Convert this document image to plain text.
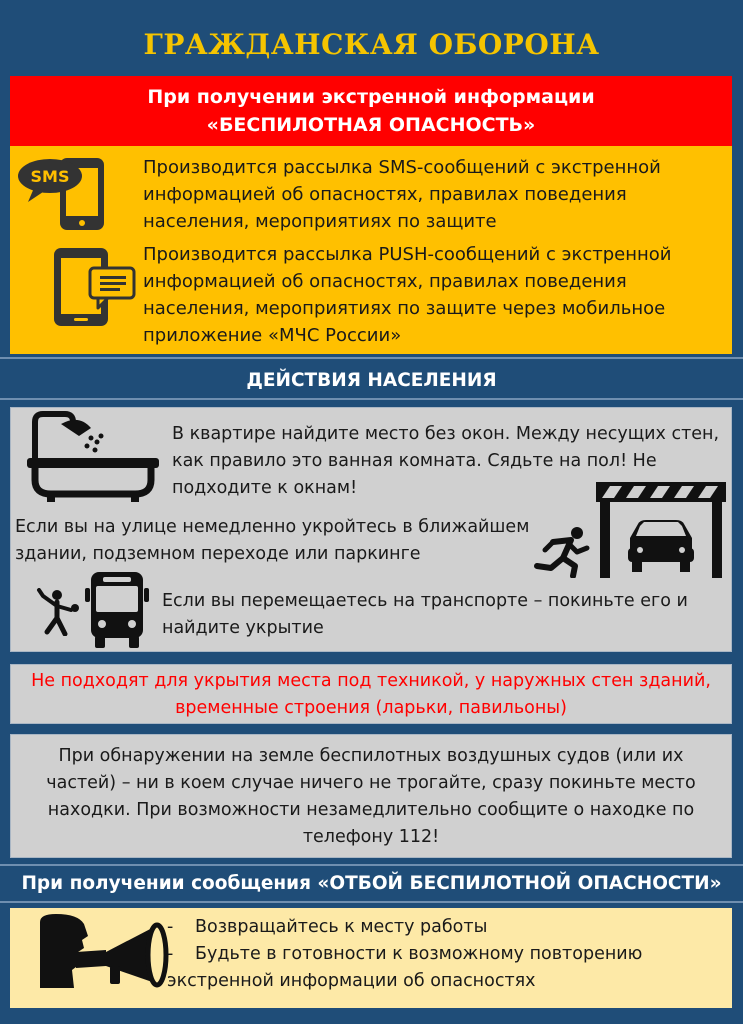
ГРАЖДАНСКАЯ ОБОРОНА
При получении экстренной информации
«БЕСПИЛОТНАЯ ОПАСНОСТЬ»
SMS	Производится рассылка SMS-сообщений с экстренной
информацией об опасностях, правилах поведения
населения, мероприятиях по защите
Производится рассылка PUSH-сообщений с экстренной
информацией об опасностях, правилах поведения
населения, мероприятиях по защите через мобильное
приложение «МЧС России»
ДЕЙСТВИЯ НАСЕЛЕНИЯ
В квартире найдите место без окон. Между несущих стен,
как правило это ванная комната. Сядьте на пол! Не
подходите к окнам!
Если вы на улице немедленно укройтесь в ближайшем
здании, подземном переходе или паркинге
Если вы перемещаетесь на транспорте – покиньте его и
найдите укрытие
Не подходят для укрытия места под техникой, у наружных стен зданий,
временные строения (ларьки, павильоны)
При обнаружении на земле беспилотных воздушных судов (или их
частей) – ни в коем случае ничего не трогайте, сразу покиньте место
находки. При возможности незамедлительно сообщите о находке по
телефону 112!
При получении сообщения «ОТБОЙ БЕСПИЛОТНОЙ ОПАСНОСТИ»
- Возвращайтесь к месту работы
- Будьте в готовности к возможному повторению
экстренной информации об опасностях
